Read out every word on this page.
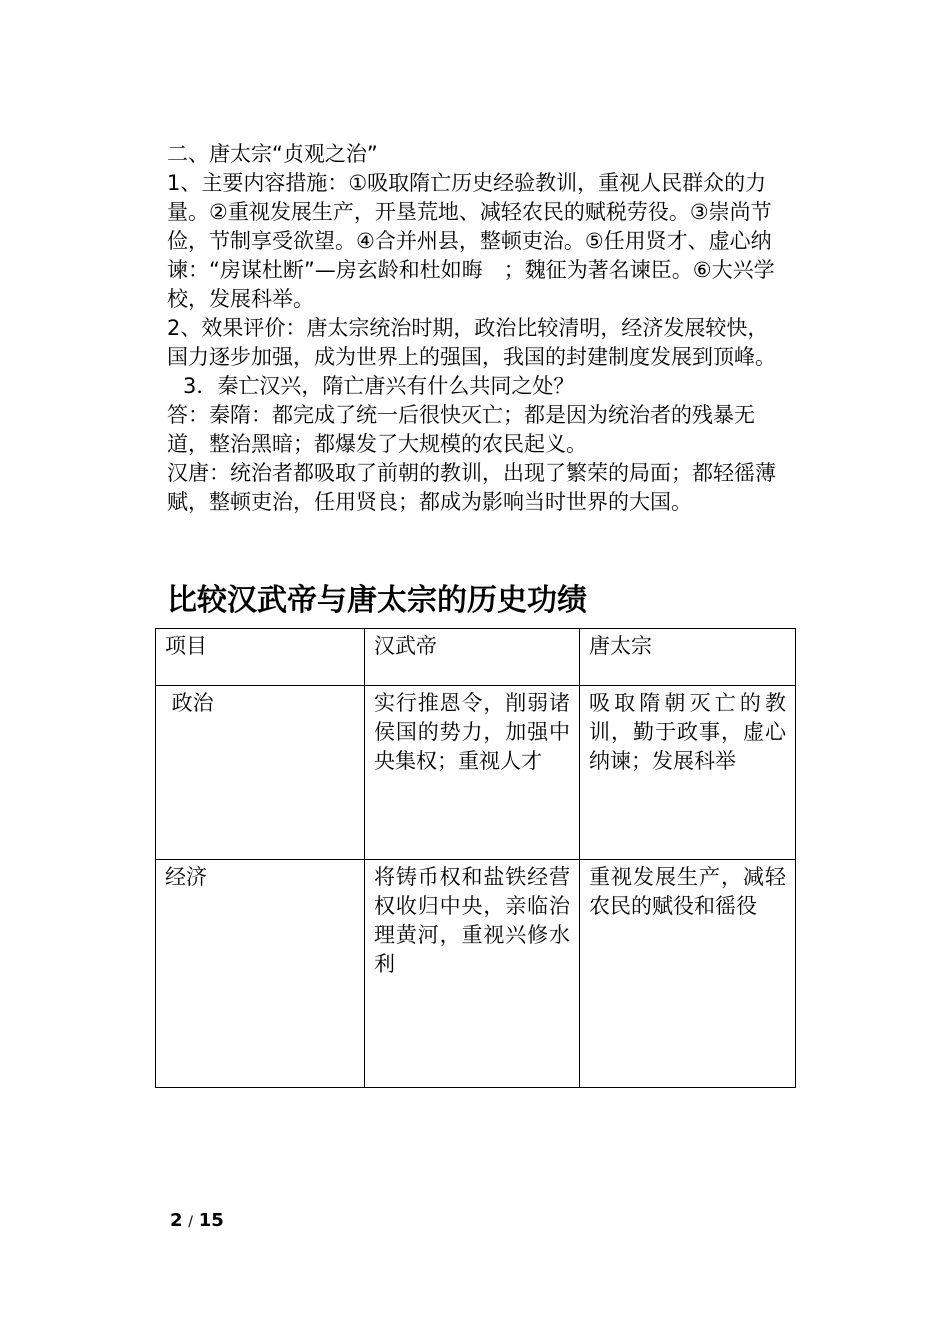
二、唐太宗“贞观之治”

1、主要内容措施：①吸取隋亡历史经验教训，重视人民群众的力量。②重视发展生产，开垦荒地、减轻农民的赋税劳役。③崇尚节俭，节制享受欲望。④合并州县，整顿吏治。⑤任用贤才、虚心纳谏：“房谋杜断”—房玄龄和杜如晦　；魏征为著名谏臣。⑥大兴学校，发展科举。

2、效果评价：唐太宗统治时期，政治比较清明，经济发展较快，国力逐步加强，成为世界上的强国，我国的封建制度发展到顶峰。

3．秦亡汉兴，隋亡唐兴有什么共同之处？

答：秦隋：都完成了统一后很快灭亡；都是因为统治者的残暴无道，整治黑暗；都爆发了大规模的农民起义。

汉唐：统治者都吸取了前朝的教训，出现了繁荣的局面；都轻徭薄赋，整顿吏治，任用贤良；都成为影响当时世界的大国。

比较汉武帝与唐太宗的历史功绩
项目	汉武帝	唐太宗
政治	实行推恩令，削弱诸侯国的势力，加强中央集权；重视人才	吸取隋朝灭亡的教训，勤于政事，虚心纳谏；发展科举
经济	将铸币权和盐铁经营权收归中央，亲临治理黄河，重视兴修水利	重视发展生产，减轻农民的赋役和徭役
2 / 15
